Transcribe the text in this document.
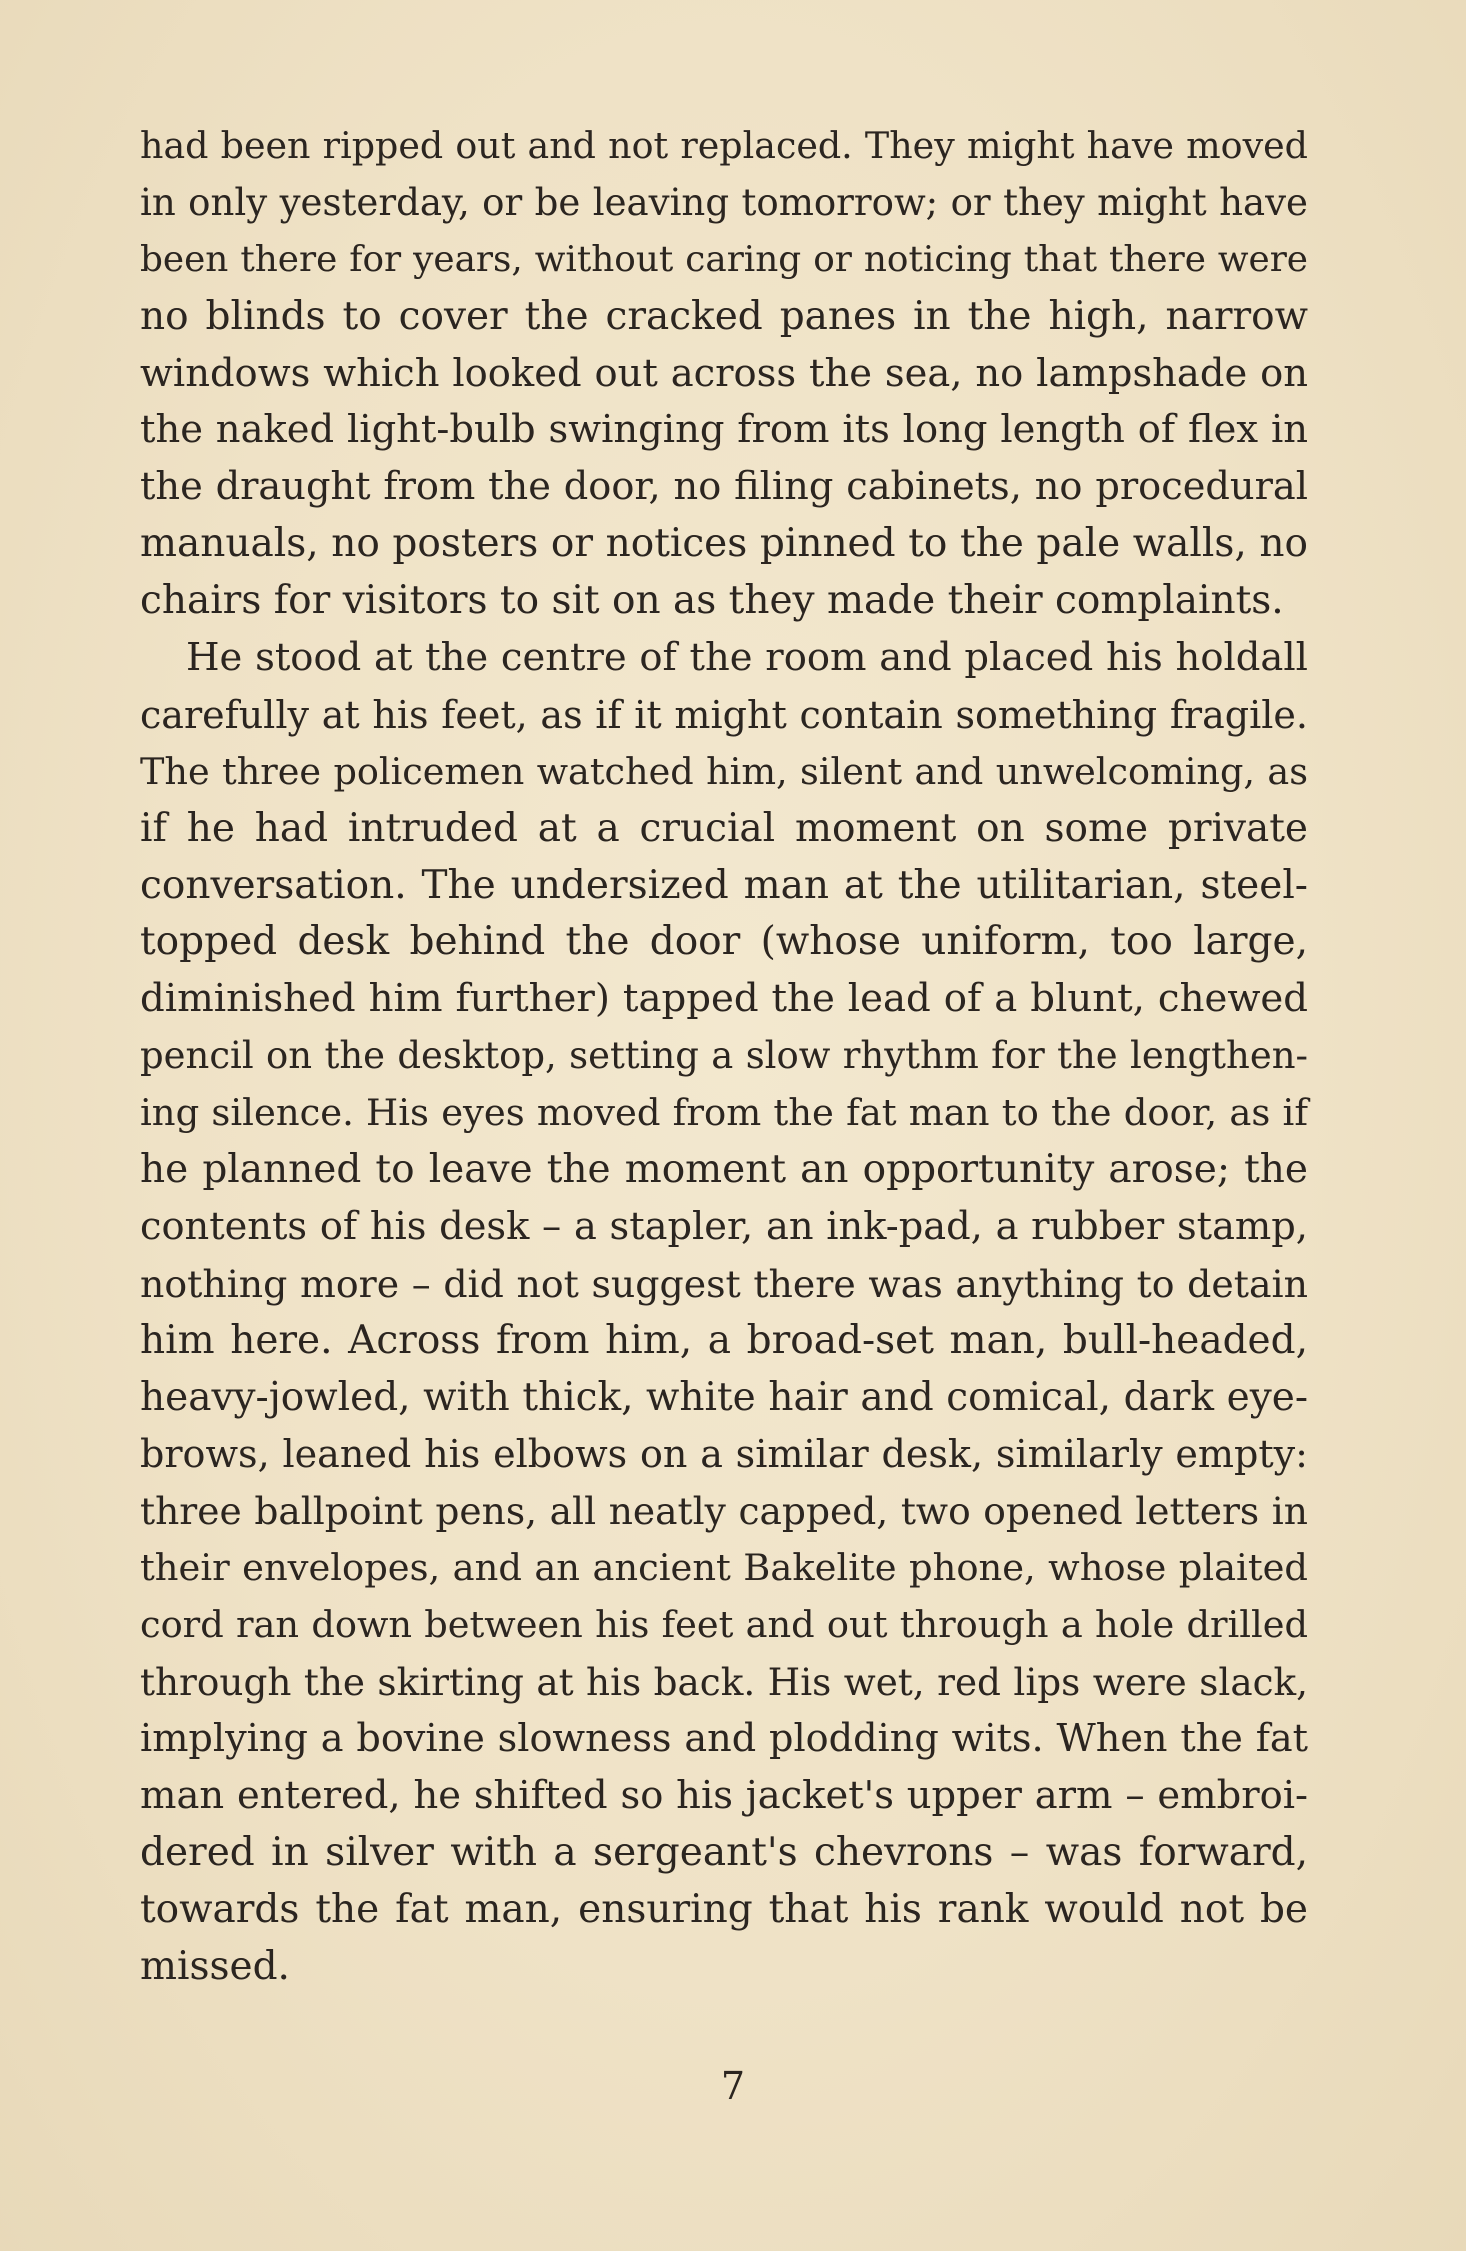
had been ripped out and not replaced. They might have moved
in only yesterday, or be leaving tomorrow; or they might have
been there for years, without caring or noticing that there were
no blinds to cover the cracked panes in the high, narrow
windows which looked out across the sea, no lampshade on
the naked light-bulb swinging from its long length of flex in
the draught from the door, no filing cabinets, no procedural
manuals, no posters or notices pinned to the pale walls, no
chairs for visitors to sit on as they made their complaints.
He stood at the centre of the room and placed his holdall
carefully at his feet, as if it might contain something fragile.
The three policemen watched him, silent and unwelcoming, as
if he had intruded at a crucial moment on some private
conversation. The undersized man at the utilitarian, steel-
topped desk behind the door (whose uniform, too large,
diminished him further) tapped the lead of a blunt, chewed
pencil on the desktop, setting a slow rhythm for the lengthen-
ing silence. His eyes moved from the fat man to the door, as if
he planned to leave the moment an opportunity arose; the
contents of his desk – a stapler, an ink-pad, a rubber stamp,
nothing more – did not suggest there was anything to detain
him here. Across from him, a broad-set man, bull-headed,
heavy-jowled, with thick, white hair and comical, dark eye-
brows, leaned his elbows on a similar desk, similarly empty:
three ballpoint pens, all neatly capped, two opened letters in
their envelopes, and an ancient Bakelite phone, whose plaited
cord ran down between his feet and out through a hole drilled
through the skirting at his back. His wet, red lips were slack,
implying a bovine slowness and plodding wits. When the fat
man entered, he shifted so his jacket's upper arm – embroi-
dered in silver with a sergeant's chevrons – was forward,
towards the fat man, ensuring that his rank would not be
missed.
7
